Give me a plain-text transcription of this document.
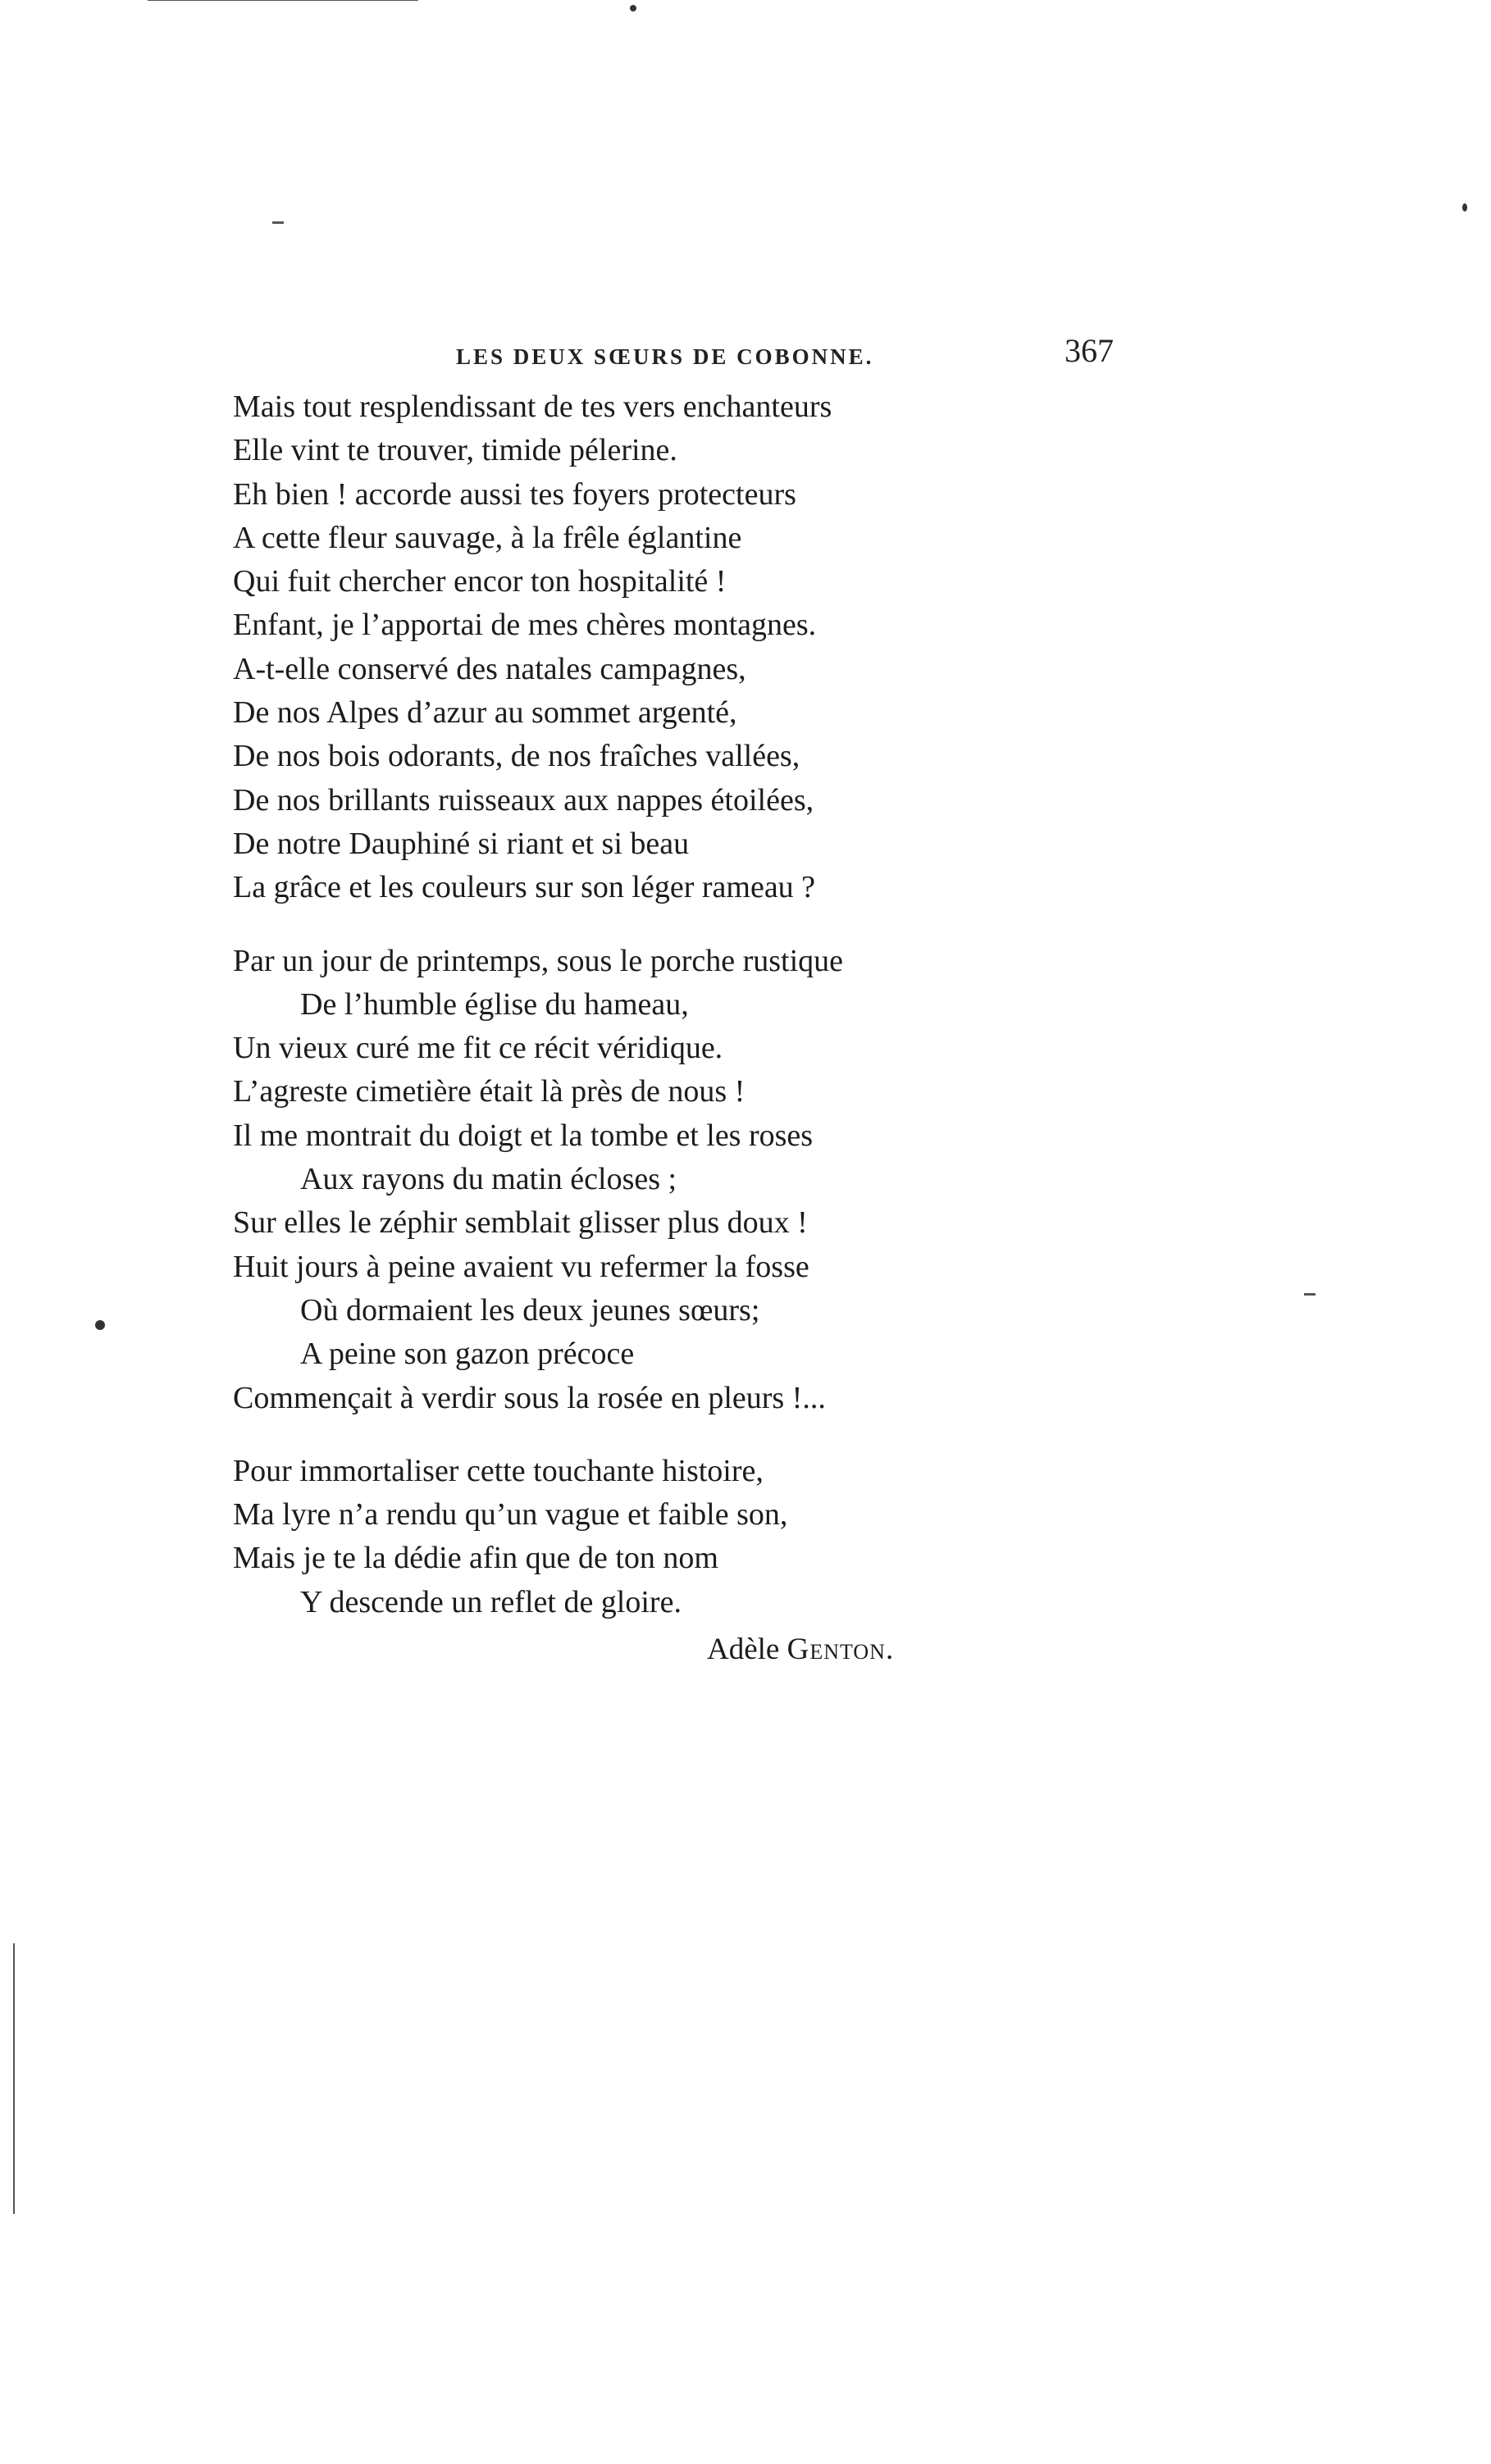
LES DEUX SŒURS DE COBONNE.	367
Mais tout resplendissant de tes vers enchanteurs
Elle vint te trouver, timide pélerine.
Eh bien ! accorde aussi tes foyers protecteurs
A cette fleur sauvage, à la frêle églantine
Qui fuit chercher encor ton hospitalité !
Enfant, je l’apportai de mes chères montagnes.
A-t-elle conservé des natales campagnes,
De nos Alpes d’azur au sommet argenté,
De nos bois odorants, de nos fraîches vallées,
De nos brillants ruisseaux aux nappes étoilées,
De notre Dauphiné si riant et si beau
La grâce et les couleurs sur son léger rameau ?
Par un jour de printemps, sous le porche rustique
De l’humble église du hameau,
Un vieux curé me fit ce récit véridique.
L’agreste cimetière était là près de nous !
Il me montrait du doigt et la tombe et les roses
Aux rayons du matin écloses ;
Sur elles le zéphir semblait glisser plus doux !
Huit jours à peine avaient vu refermer la fosse
Où dormaient les deux jeunes sœurs;
A peine son gazon précoce
Commençait à verdir sous la rosée en pleurs !...
Pour immortaliser cette touchante histoire,
Ma lyre n’a rendu qu’un vague et faible son,
Mais je te la dédie afin que de ton nom
Y descende un reflet de gloire.
Adèle Genton.
